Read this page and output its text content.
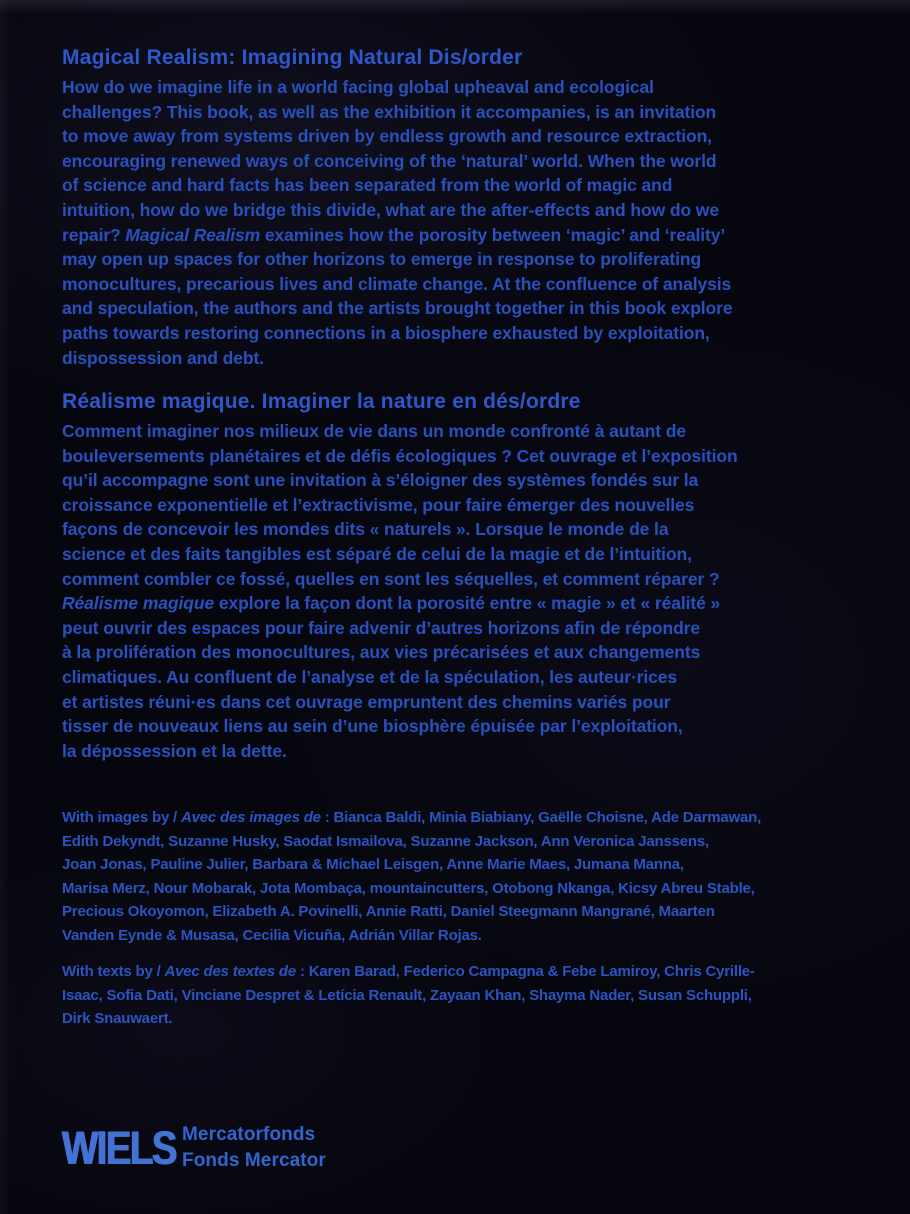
Magical Realism: Imagining Natural Dis/order

How do we imagine life in a world facing global upheaval and ecological
challenges? This book, as well as the exhibition it accompanies, is an invitation
to move away from systems driven by endless growth and resource extraction,
encouraging renewed ways of conceiving of the ‘natural’ world. When the world
of science and hard facts has been separated from the world of magic and
intuition, how do we bridge this divide, what are the after-effects and how do we
repair? Magical Realism examines how the porosity between ‘magic’ and ‘reality’
may open up spaces for other horizons to emerge in response to proliferating
monocultures, precarious lives and climate change. At the confluence of analysis
and speculation, the authors and the artists brought together in this book explore
paths towards restoring connections in a biosphere exhausted by exploitation,
dispossession and debt.

Réalisme magique. Imaginer la nature en dés/ordre

Comment imaginer nos milieux de vie dans un monde confronté à autant de
bouleversements planétaires et de défis écologiques ? Cet ouvrage et l’exposition
qu’il accompagne sont une invitation à s’éloigner des systèmes fondés sur la
croissance exponentielle et l’extractivisme, pour faire émerger des nouvelles
façons de concevoir les mondes dits « naturels ». Lorsque le monde de la
science et des faits tangibles est séparé de celui de la magie et de l’intuition,
comment combler ce fossé, quelles en sont les séquelles, et comment réparer ?
Réalisme magique explore la façon dont la porosité entre « magie » et « réalité »
peut ouvrir des espaces pour faire advenir d’autres horizons afin de répondre
à la prolifération des monocultures, aux vies précarisées et aux changements
climatiques. Au confluent de l’analyse et de la spéculation, les auteur·rices
et artistes réuni·es dans cet ouvrage empruntent des chemins variés pour
tisser de nouveaux liens au sein d’une biosphère épuisée par l’exploitation,
la dépossession et la dette.

With images by / Avec des images de : Bianca Baldi, Minia Biabiany, Gaëlle Choisne, Ade Darmawan,
Edith Dekyndt, Suzanne Husky, Saodat Ismailova, Suzanne Jackson, Ann Veronica Janssens,
Joan Jonas, Pauline Julier, Barbara & Michael Leisgen, Anne Marie Maes, Jumana Manna,
Marisa Merz, Nour Mobarak, Jota Mombaça, mountaincutters, Otobong Nkanga, Kicsy Abreu Stable,
Precious Okoyomon, Elizabeth A. Povinelli, Annie Ratti, Daniel Steegmann Mangrané, Maarten
Vanden Eynde & Musasa, Cecilia Vicuña, Adrián Villar Rojas.

With texts by / Avec des textes de : Karen Barad, Federico Campagna & Febe Lamiroy, Chris Cyrille-
Isaac, Sofia Dati, Vinciane Despret & Letícia Renault, Zayaan Khan, Shayma Nader, Susan Schuppli,
Dirk Snauwaert.

WIELS Mercatorfonds
Fonds Mercator
